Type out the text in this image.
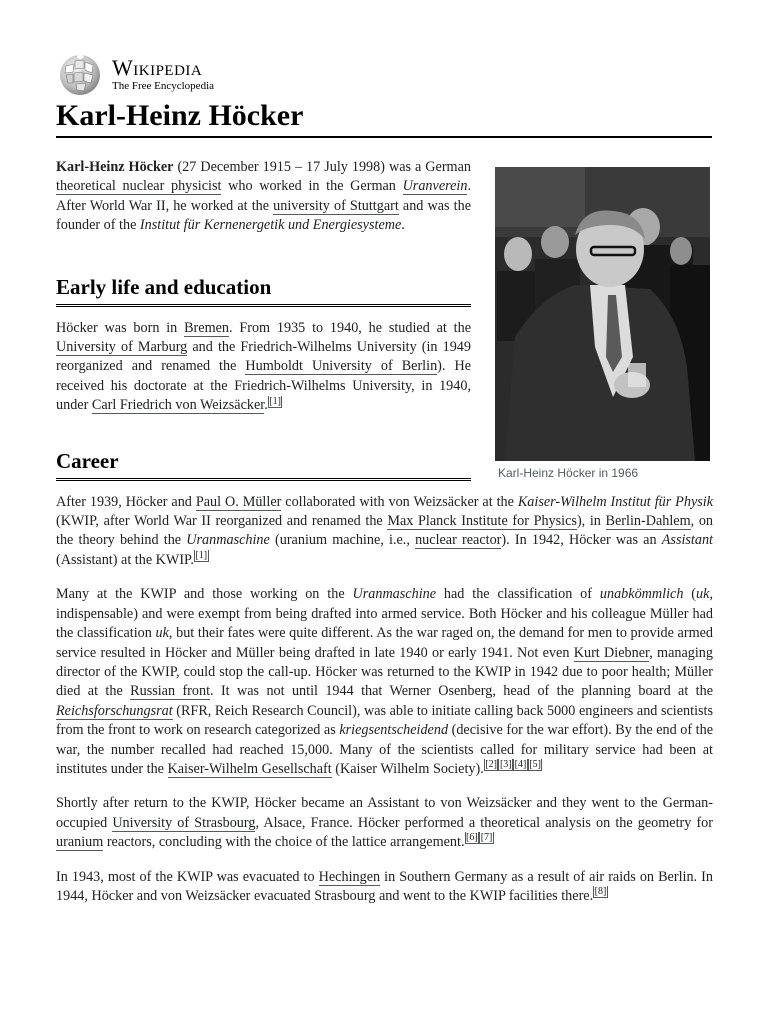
Wikipedia
The Free Encyclopedia
Karl-Heinz Höcker
Karl-Heinz Höcker in 1966

Karl-Heinz Höcker (27 December 1915 – 17 July 1998) was a German theoretical nuclear physicist who worked in the German Uranverein. After World War II, he worked at the university of Stuttgart and was the founder of the Institut für Kernenergetik und Energiesysteme.

Early life and education

Höcker was born in Bremen. From 1935 to 1940, he studied at the University of Marburg and the Friedrich-Wilhelms University (in 1949 reorganized and renamed the Humboldt University of Berlin). He received his doctorate at the Friedrich-Wilhelms University, in 1940, under Carl Friedrich von Weizsäcker. [1]

Career

After 1939, Höcker and Paul O. Müller collaborated with von Weizsäcker at the Kaiser-Wilhelm Institut für Physik (KWIP, after World War II reorganized and renamed the Max Planck Institute for Physics), in Berlin-Dahlem, on the theory behind the Uranmaschine (uranium machine, i.e., nuclear reactor). In 1942, Höcker was an Assistant (Assistant) at the KWIP. [1]

Many at the KWIP and those working on the Uranmaschine had the classification of unabkömmlich (uk, indispensable) and were exempt from being drafted into armed service. Both Höcker and his colleague Müller had the classification uk, but their fates were quite different. As the war raged on, the demand for men to provide armed service resulted in Höcker and Müller being drafted in late 1940 or early 1941. Not even Kurt Diebner, managing director of the KWIP, could stop the call-up. Höcker was returned to the KWIP in 1942 due to poor health; Müller died at the Russian front. It was not until 1944 that Werner Osenberg, head of the planning board at the Reichsforschungsrat (RFR, Reich Research Council), was able to initiate calling back 5000 engineers and scientists from the front to work on research categorized as kriegsentscheidend (decisive for the war effort). By the end of the war, the number recalled had reached 15,000. Many of the scientists called for military service had been at institutes under the Kaiser-Wilhelm Gesellschaft (Kaiser Wilhelm Society). [2] [3] [4] [5]

Shortly after return to the KWIP, Höcker became an Assistant to von Weizsäcker and they went to the German-occupied University of Strasbourg, Alsace, France. Höcker performed a theoretical analysis on the geometry for uranium reactors, concluding with the choice of the lattice arrangement. [6] [7]

In 1943, most of the KWIP was evacuated to Hechingen in Southern Germany as a result of air raids on Berlin. In 1944, Höcker and von Weizsäcker evacuated Strasbourg and went to the KWIP facilities there. [8]
